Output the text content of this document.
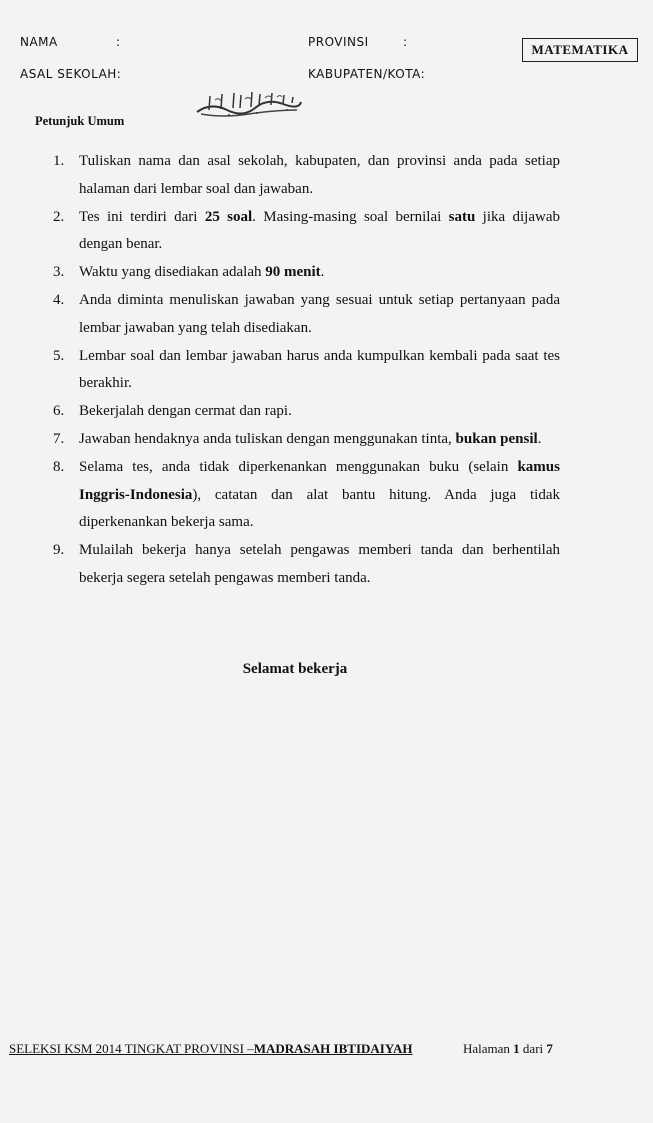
NAMA	:	PROVINSI	:
ASAL SEKOLAH:	KABUPATEN/KOTA:
MATEMATIKA
Petunjuk Umum
1. Tuliskan nama dan asal sekolah, kabupaten, dan provinsi anda pada setiap halaman dari lembar soal dan jawaban.
2. Tes ini terdiri dari 25 soal. Masing-masing soal bernilai satu jika dijawab dengan benar.
3. Waktu yang disediakan adalah 90 menit.
4. Anda diminta menuliskan jawaban yang sesuai untuk setiap pertanyaan pada lembar jawaban yang telah disediakan.
5. Lembar soal dan lembar jawaban harus anda kumpulkan kembali pada saat tes berakhir.
6. Bekerjalah dengan cermat dan rapi.
7. Jawaban hendaknya anda tuliskan dengan menggunakan tinta, bukan pensil.
8. Selama tes, anda tidak diperkenankan menggunakan buku (selain kamus Inggris-Indonesia), catatan dan alat bantu hitung. Anda juga tidak diperkenankan bekerja sama.
9. Mulailah bekerja hanya setelah pengawas memberi tanda dan berhentilah bekerja segera setelah pengawas memberi tanda.
Selamat bekerja
SELEKSI KSM 2014 TINGKAT PROVINSI –MADRASAH IBTIDAIYAH	Halaman 1 dari 7
